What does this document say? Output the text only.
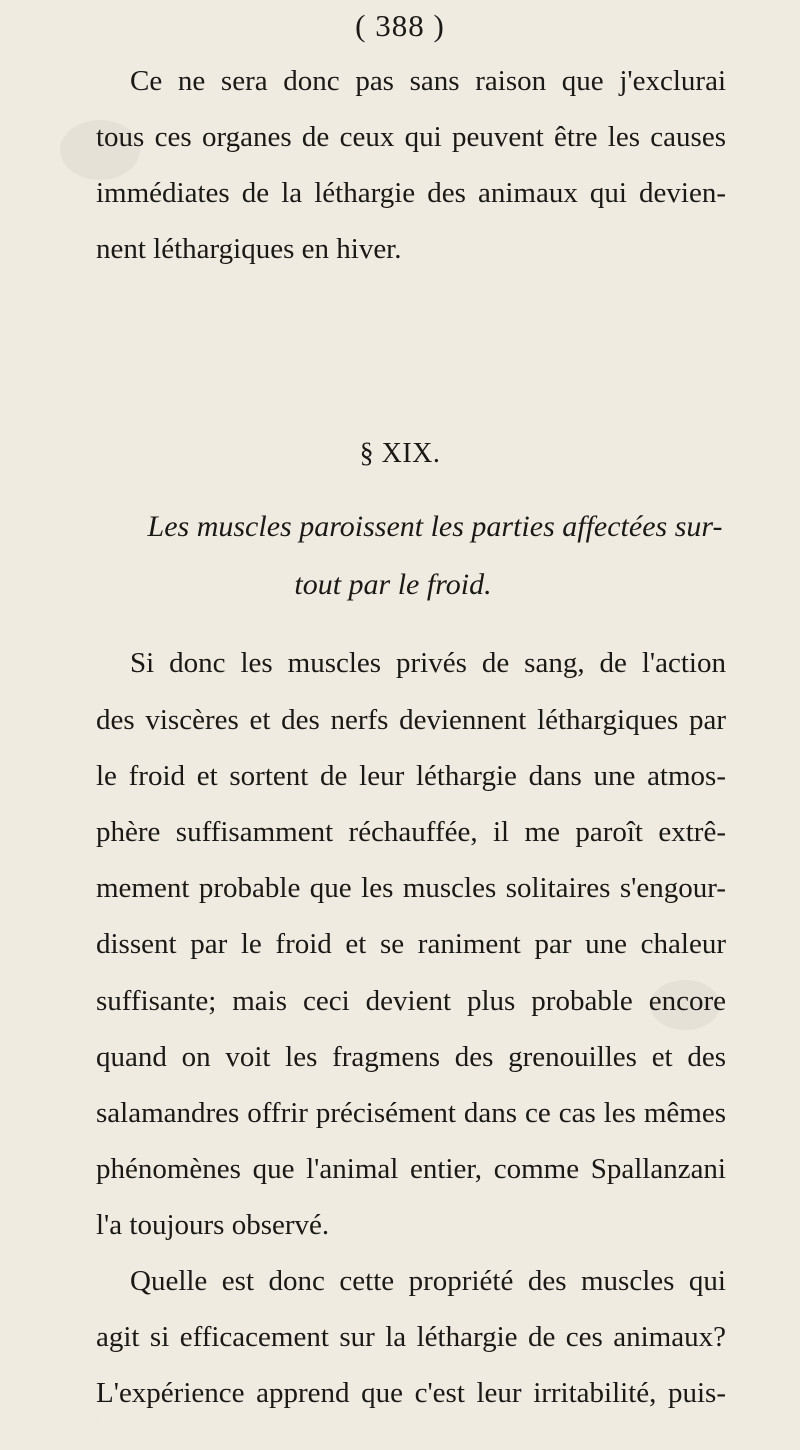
( 388 )
Ce ne sera donc pas sans raison que j'exclurai
tous ces organes de ceux qui peuvent être les causes
immédiates de la léthargie des animaux qui devien-
nent léthargiques en hiver.
§ XIX.
Les muscles paroissent les parties affectées sur-
tout par le froid.
Si donc les muscles privés de sang, de l'action
des viscères et des nerfs deviennent léthargiques par
le froid et sortent de leur léthargie dans une atmos-
phère suffisamment réchauffée, il me paroît extrê-
mement probable que les muscles solitaires s'engour-
dissent par le froid et se raniment par une chaleur
suffisante; mais ceci devient plus probable encore
quand on voit les fragmens des grenouilles et des
salamandres offrir précisément dans ce cas les mêmes
phénomènes que l'animal entier, comme Spallanzani
l'a toujours observé.
Quelle est donc cette propriété des muscles qui
agit si efficacement sur la léthargie de ces animaux?
L'expérience apprend que c'est leur irritabilité, puis-
